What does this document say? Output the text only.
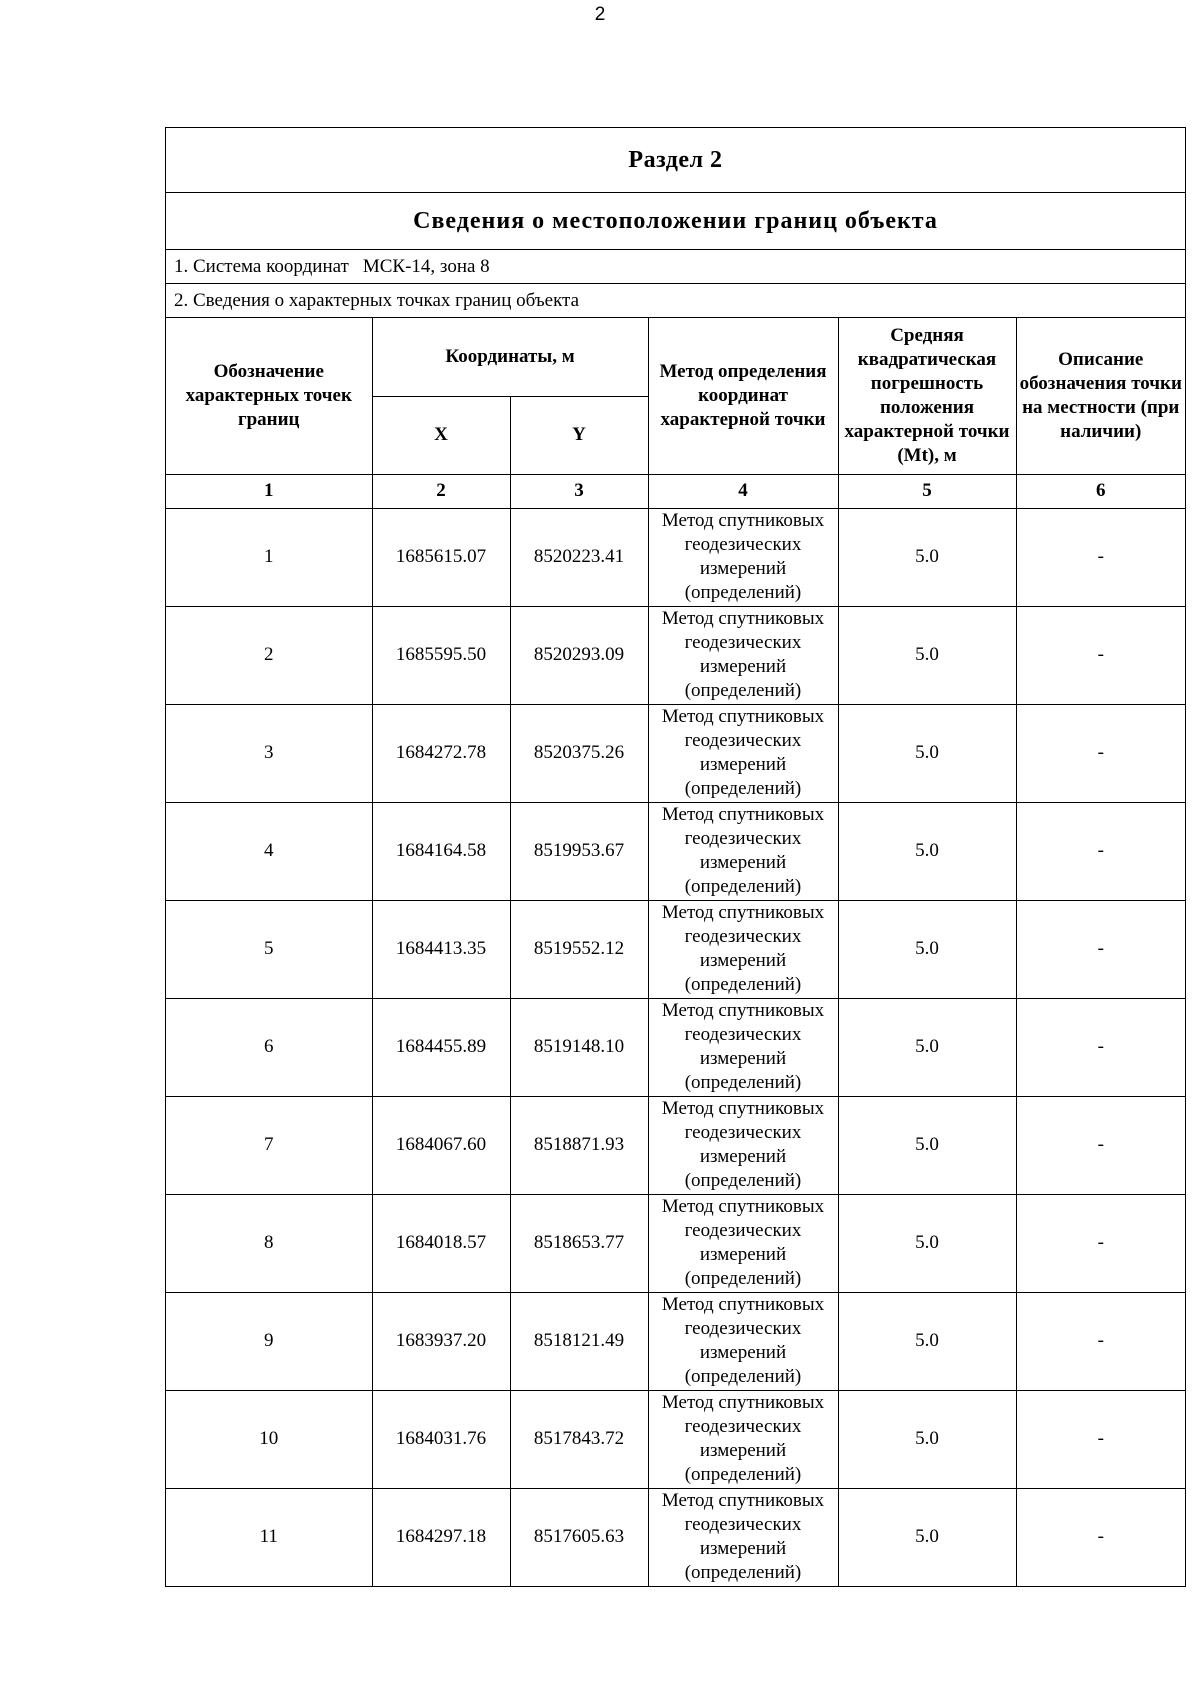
2
Раздел 2
Сведения о местоположении границ объекта
1. Система координат МСК-14, зона 8
2. Сведения о характерных точках границ объекта
Обозначение характерных точек границ	Координаты, м		Метод определения координат характерной точки	Средняя квадратическая погрешность положения характерной точки (Mt), м	Описание обозначения точки на местности (при наличии)
	X	Y			
1	2	3	4	5	6
1	1685615.07	8520223.41	Метод спутниковых геодезических измерений (определений)	5.0	-
2	1685595.50	8520293.09	Метод спутниковых геодезических измерений (определений)	5.0	-
3	1684272.78	8520375.26	Метод спутниковых геодезических измерений (определений)	5.0	-
4	1684164.58	8519953.67	Метод спутниковых геодезических измерений (определений)	5.0	-
5	1684413.35	8519552.12	Метод спутниковых геодезических измерений (определений)	5.0	-
6	1684455.89	8519148.10	Метод спутниковых геодезических измерений (определений)	5.0	-
7	1684067.60	8518871.93	Метод спутниковых геодезических измерений (определений)	5.0	-
8	1684018.57	8518653.77	Метод спутниковых геодезических измерений (определений)	5.0	-
9	1683937.20	8518121.49	Метод спутниковых геодезических измерений (определений)	5.0	-
10	1684031.76	8517843.72	Метод спутниковых геодезических измерений (определений)	5.0	-
11	1684297.18	8517605.63	Метод спутниковых геодезических измерений (определений)	5.0	-
